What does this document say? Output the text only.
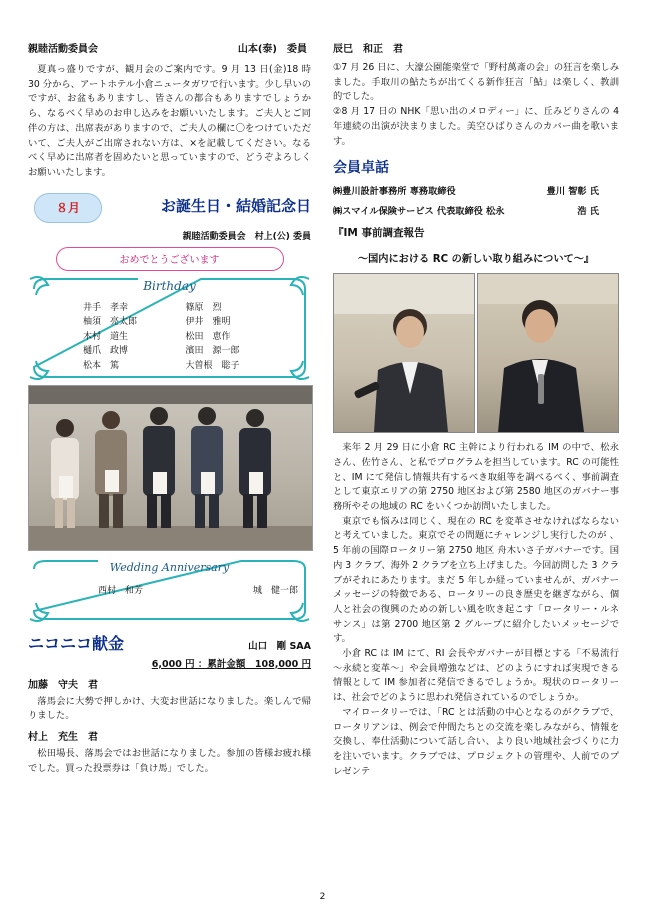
親睦活動委員会	山本(泰)　委員

夏真っ盛りですが、観月会のご案内です。9 月 13 日(金)18 時 30 分から、アートホテル小倉ニュータガワで行います。少し早いのですが、お盆もありますし、皆さんの都合もありますでしょうから、なるべく早めのお申し込みをお願いいたします。ご夫人とご同伴の方は、出席表がありますので、ご夫人の欄に〇をつけていただいて、ご夫人がご出席されない方は、×を記載してください。なるべく早めに出席者を固めたいと思っていますので、どうぞよろしくお願いいたします。

８月	お誕生日・結婚記念日
親睦活動委員会　村上(公) 委員
おめでとうございます
Birthday
井手　孝幸	篠原　烈
柚須　亮太郎	伊井　雅明
木村　道生	松田　恵作
樋爪　政博	濱田　源一郎
松本　篤	大曽根　聡子
Wedding Anniversary
西村　和芳	城　健一郎
ニコニコ献金	山口　剛 SAA
6,000 円 ：累計金額　108,000 円
加藤　守夫　君

落馬会に大勢で押しかけ、大変お世話になりました。楽しんで帰りました。

村上　充生　君

松田場長、落馬会ではお世話になりました。参加の皆様お疲れ様でした。買った投票券は「負け馬」でした。

辰巳　和正　君

①7 月 26 日に、大濠公園能楽堂で「野村萬斎の会」の狂言を楽しみました。手取川の鮎たちが出てくる新作狂言「鮎」は楽しく、教訓的でした。

②8 月 17 日の NHK「思い出のメロディー」に、丘みどりさんの 4 年連続の出演が決まりました。美空ひばりさんのカバー曲を歌います。

会員卓話
㈱豊川設計事務所 専務取締役	豊川 智彰 氏
㈱スマイル保険サービス 代表取締役 松永	浩 氏
『IM 事前調査報告
～国内における RC の新しい取り組みについて～』

来年 2 月 29 日に小倉 RC 主幹により行われる IM の中で、松永さん、佐竹さん、と私でプログラムを担当しています。RC の可能性と、IM にて発信し情報共有するべき取組等を調べるべく、事前調査として東京エリアの第 2750 地区および第 2580 地区のガバナー事務所やその地域の RC をいくつか訪問いたしました。

東京でも悩みは同じく、現在の RC を変革させなければならないと考えていました。東京でその問題にチャレンジし実行したのが 、5 年前の国際ロータリー第 2750 地区 舟木いさ子ガバナーです。国内 3 クラブ、海外 2 クラブを立ち上げました。今回訪問した 3 クラブがそれにあたります。まだ 5 年しか経っていませんが、ガバナーメッセージの特徴である、ロータリーの良き歴史を継ぎながら、個人と社会の復興のための新しい風を吹き起こす「ロータリー・ルネサンス」は第 2700 地区第 2 グループに紹介したいメッセージです。

小倉 RC は IM にて、RI 会長やガバナーが目標とする「不易流行～永続と変革～」や会員増強などは、どのようにすれば実現できる情報として IM 参加者に発信できるでしょうか。現状のロータリーは、社会でどのように思われ発信されているのでしょうか。

マイロータリーでは、「RC とは活動の中心となるのがクラブで、ロータリアンは、例会で仲間たちとの交流を楽しみながら、情報を交換し、奉仕活動について話し合い、より良い地域社会づくりに力を注いでいます。クラブでは、プロジェクトの管理や、人前でのプレゼンテ

2
